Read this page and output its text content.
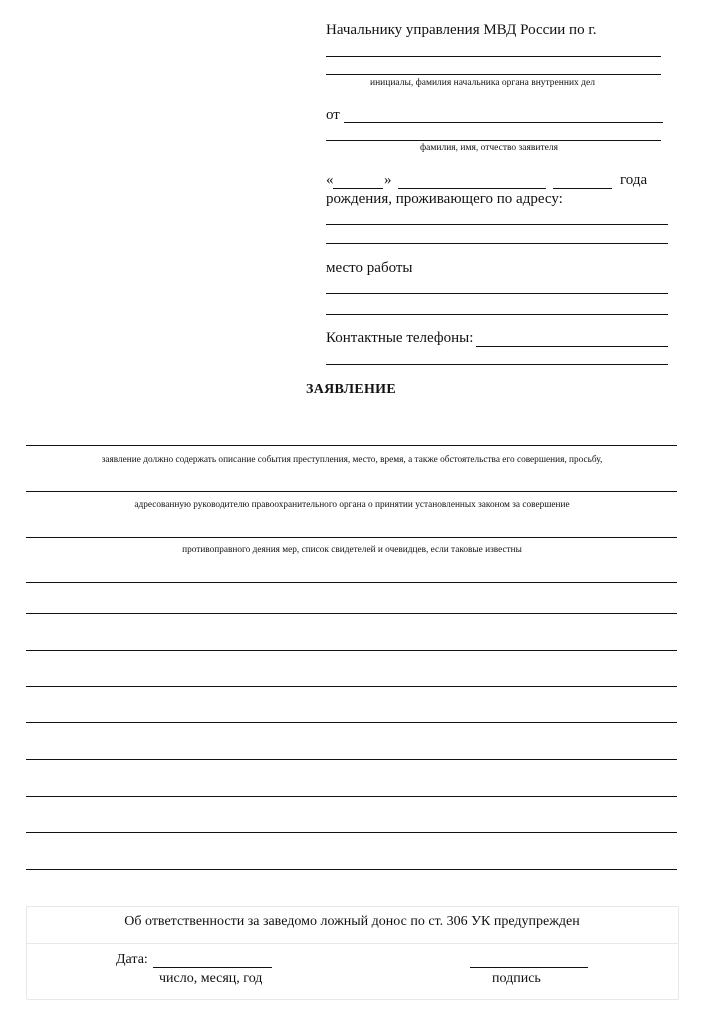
Начальнику управления МВД России по г.
инициалы, фамилия начальника органа внутренних дел
от
фамилия, имя, отчество заявителя
«	»	года
рождения, проживающего по адресу:
место работы
Контактные телефоны:
ЗАЯВЛЕНИЕ
заявление должно содержать описание события преступления, место, время, а также обстоятельства его совершения, просьбу,
адресованную руководителю правоохранительного органа о принятии установленных законом за совершение
противоправного деяния мер, список свидетелей и очевидцев, если таковые известны
Об ответственности за заведомо ложный донос по ст. 306 УК предупрежден
Дата:
число, месяц, год	подпись
